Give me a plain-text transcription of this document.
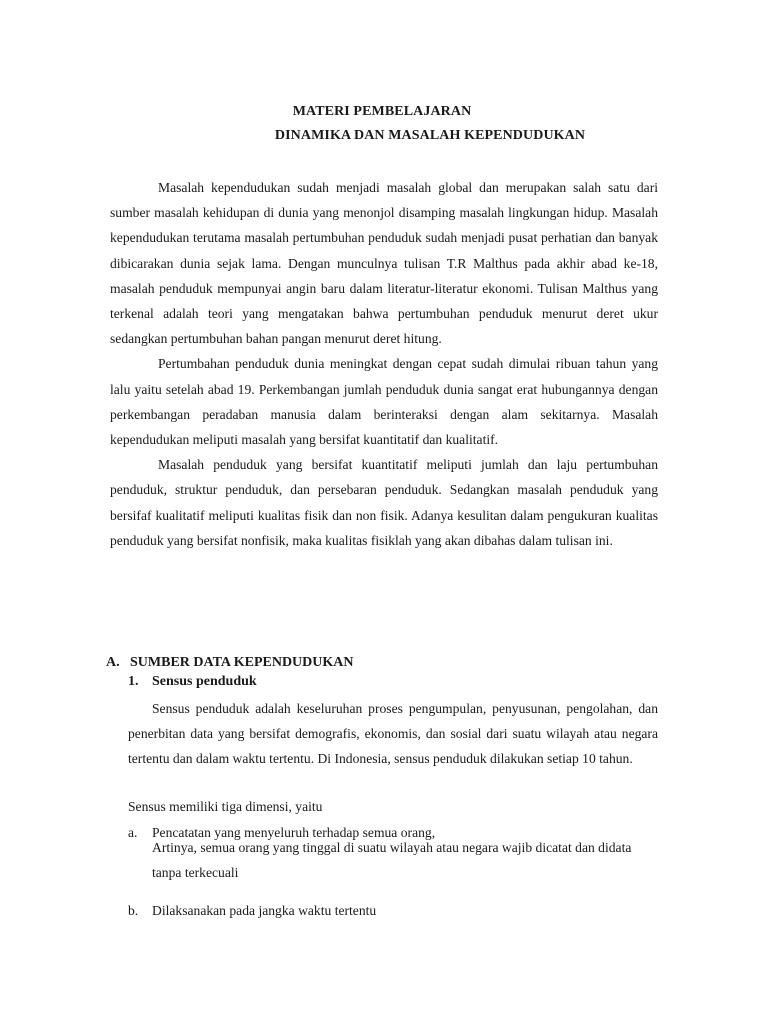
MATERI PEMBELAJARAN
DINAMIKA DAN MASALAH KEPENDUDUKAN

Masalah kependudukan sudah menjadi masalah global dan merupakan salah satu dari sumber masalah kehidupan di dunia yang menonjol disamping masalah lingkungan hidup. Masalah kependudukan terutama masalah pertumbuhan penduduk sudah menjadi pusat perhatian dan banyak dibicarakan dunia sejak lama. Dengan munculnya tulisan T.R Malthus pada akhir abad ke-18, masalah penduduk mempunyai angin baru dalam literatur-literatur ekonomi. Tulisan Malthus yang terkenal adalah teori yang mengatakan bahwa pertumbuhan penduduk menurut deret ukur sedangkan pertumbuhan bahan pangan menurut deret hitung.

Pertumbahan penduduk dunia meningkat dengan cepat sudah dimulai ribuan tahun yang lalu yaitu setelah abad 19. Perkembangan jumlah penduduk dunia sangat erat hubungannya dengan perkembangan peradaban manusia dalam berinteraksi dengan alam sekitarnya. Masalah kependudukan meliputi masalah yang bersifat kuantitatif dan kualitatif.

Masalah penduduk yang bersifat kuantitatif meliputi jumlah dan laju pertumbuhan penduduk, struktur penduduk, dan persebaran penduduk. Sedangkan masalah penduduk yang bersifaf kualitatif meliputi kualitas fisik dan non fisik. Adanya kesulitan dalam pengukuran kualitas penduduk yang bersifat nonfisik, maka kualitas fisiklah yang akan dibahas dalam tulisan ini.

A. SUMBER DATA KEPENDUDUKAN
1. Sensus penduduk

Sensus penduduk adalah keseluruhan proses pengumpulan, penyusunan, pengolahan, dan penerbitan data yang bersifat demografis, ekonomis, dan sosial dari suatu wilayah atau negara tertentu dan dalam waktu tertentu. Di Indonesia, sensus penduduk dilakukan setiap 10 tahun.

Sensus memiliki tiga dimensi, yaitu
a. Pencatatan yang menyeluruh terhadap semua orang,
Artinya, semua orang yang tinggal di suatu wilayah atau negara wajib dicatat dan didata tanpa terkecuali
b. Dilaksanakan pada jangka waktu tertentu
